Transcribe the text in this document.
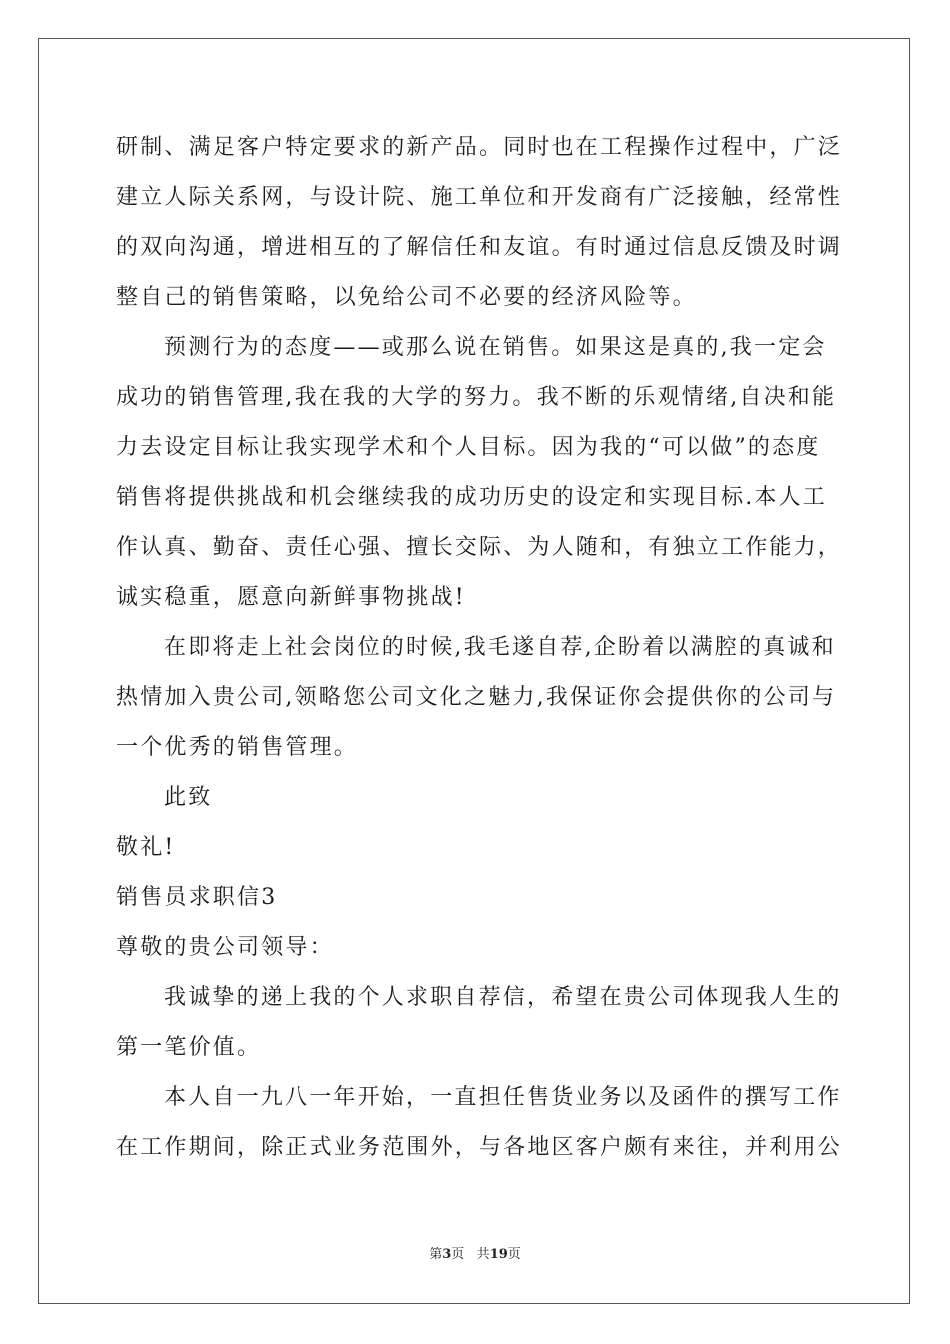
研制、满足客户特定要求的新产品。同时也在工程操作过程中，广泛
建立人际关系网，与设计院、施工单位和开发商有广泛接触，经常性
的双向沟通，增进相互的了解信任和友谊。有时通过信息反馈及时调
整自己的销售策略，以免给公司不必要的经济风险等。
预测行为的态度——或那么说在销售。如果这是真的,我一定会
成功的销售管理,我在我的大学的努力。我不断的乐观情绪,自决和能
力去设定目标让我实现学术和个人目标。因为我的“可以做”的态度
销售将提供挑战和机会继续我的成功历史的设定和实现目标.本人工
作认真、勤奋、责任心强、擅长交际、为人随和，有独立工作能力，
诚实稳重，愿意向新鲜事物挑战!
在即将走上社会岗位的时候,我毛遂自荐,企盼着以满腔的真诚和
热情加入贵公司,领略您公司文化之魅力,我保证你会提供你的公司与
一个优秀的销售管理。
此致
敬礼!
销售员求职信3
尊敬的贵公司领导：
我诚挚的递上我的个人求职自荐信，希望在贵公司体现我人生的
第一笔价值。
本人自一九八一年开始，一直担任售货业务以及函件的撰写工作
在工作期间，除正式业务范围外，与各地区客户颇有来往，并利用公
第3页 共19页
